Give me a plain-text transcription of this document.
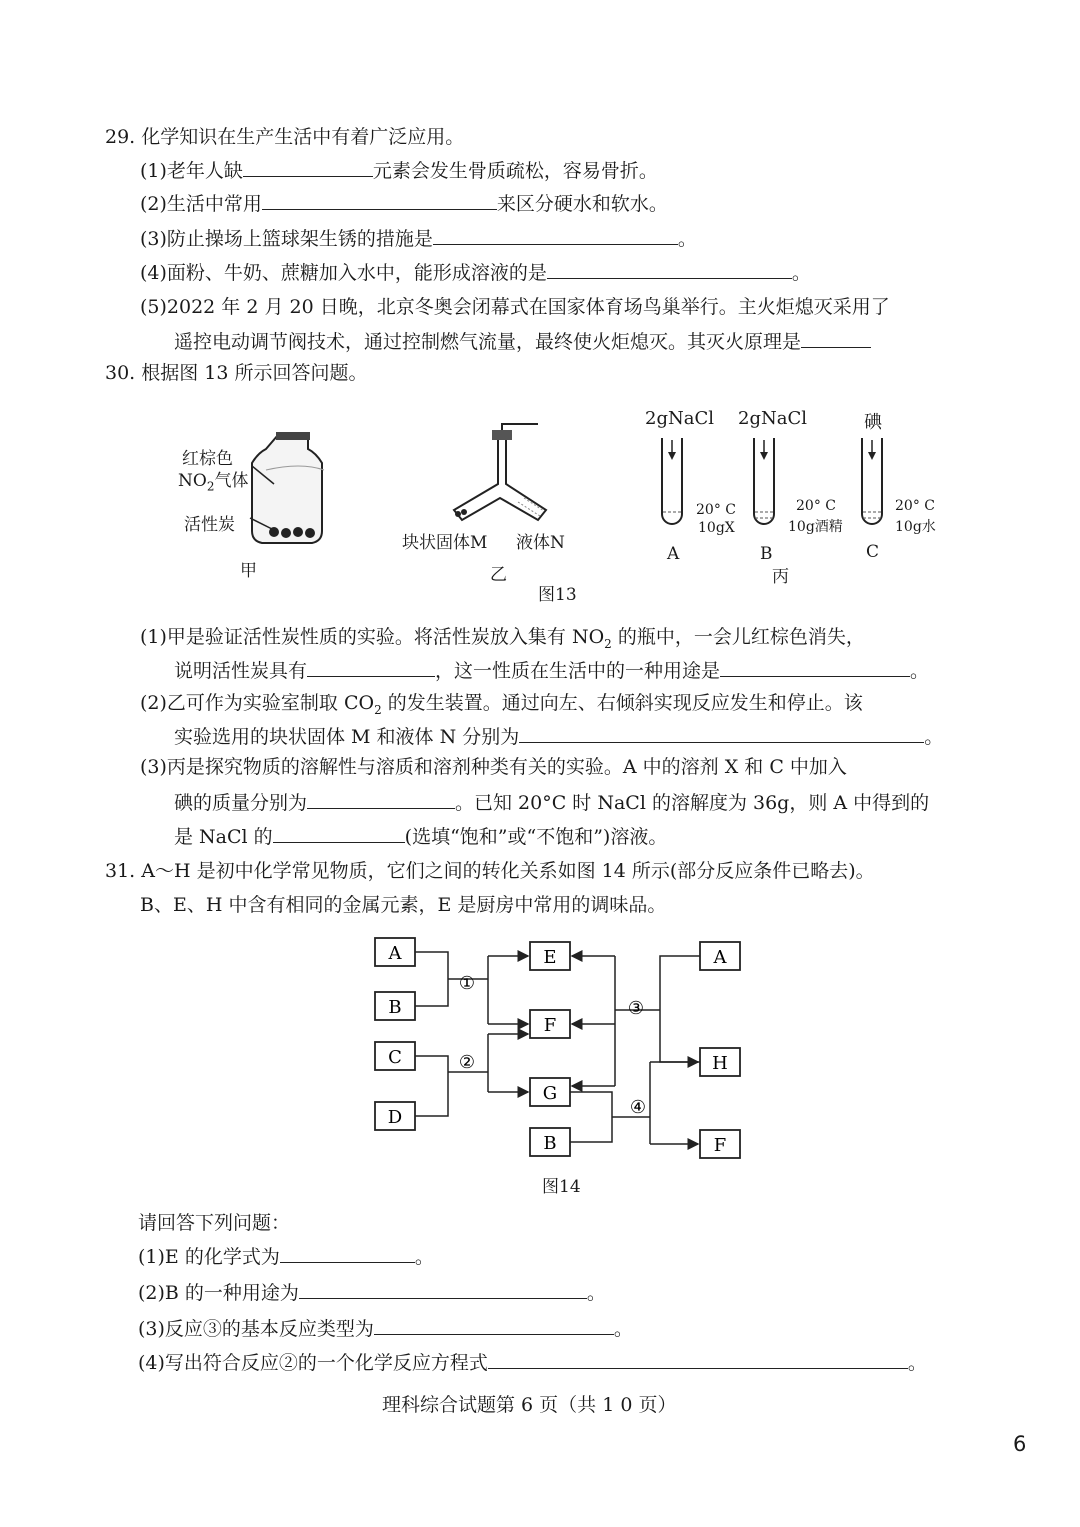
29. 化学知识在生产生活中有着广泛应用。
(1)老年人缺	元素会发生骨质疏松，容易骨折。
(2)生活中常用	来区分硬水和软水。
(3)防止操场上篮球架生锈的措施是	。
(4)面粉、牛奶、蔗糖加入水中，能形成溶液的是	。
(5)2022 年 2 月 20 日晚，北京冬奥会闭幕式在国家体育场鸟巢举行。主火炬熄灭采用了
遥控电动调节阀技术，通过控制燃气流量，最终使火炬熄灭。其灭火原理是
30. 根据图 13 所示回答问题。
红棕色
$NO_2$气体
活性炭
甲
块状固体M 液体N
乙
2gNaCl 2gNaCl	碘
20° C
10gX
20° C
10g酒精
20° C
10g水
A	B	C
丙
图13
(1)甲是验证活性炭性质的实验。将活性炭放入集有 $NO_2$ 的瓶中，一会儿红棕色消失，
说明活性炭具有	，这一性质在生活中的一种用途是	。
(2)乙可作为实验室制取 $CO_2$ 的发生装置。通过向左、右倾斜实现反应发生和停止。该
实验选用的块状固体 M 和液体 N 分别为	。
(3)丙是探究物质的溶解性与溶质和溶剂种类有关的实验。A 中的溶剂 X 和 C 中加入
碘的质量分别为	。已知 20°C 时 NaCl 的溶解度为 36g，则 A 中得到的
是 NaCl 的	(选填“饱和”或“不饱和”)溶液。
31. A～H 是初中化学常见物质，它们之间的转化关系如图 14 所示(部分反应条件已略去)。
B、E、H 中含有相同的金属元素，E 是厨房中常用的调味品。
A
B
C
D
E
F
G
B
A
H
F
①
②
③
④
图14
请回答下列问题：
(1)E 的化学式为	。
(2)B 的一种用途为	。
(3)反应③的基本反应类型为	。
(4)写出符合反应②的一个化学反应方程式	。
理科综合试题第 6 页（共 1 0 页）
6
